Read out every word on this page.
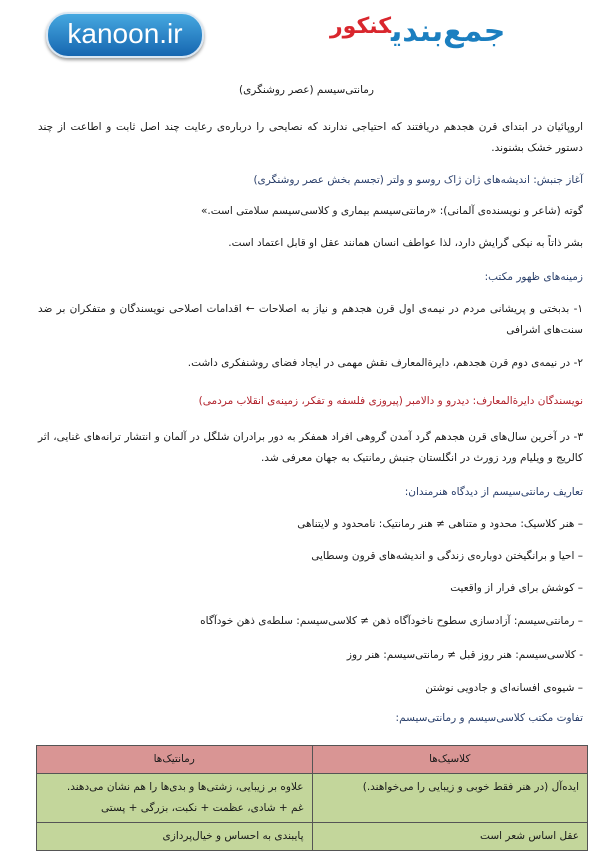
kanoon.ir	جمع‌بندیکنکور
رمانتی‌سیسم (عصر روشنگری)
اروپائیان در ابتدای قرن هجدهم دریافتند که احتیاجی ندارند که نصایحی را درباره‌ی رعایت چند اصل ثابت و اطاعت از چند دستور خشک بشنوند.
آغاز جنبش: اندیشه‌های ژان ژاک روسو و ولتر (تجسم بخش عصر روشنگری)
گوته (شاعر و نویسنده‌ی آلمانی): «رمانتی‌سیسم بیماری و کلاسی‌سیسم سلامتی است.»
بشر ذاتاً به نیکی گرایش دارد، لذا عواطف انسان همانند عقل او قابل اعتماد است.
زمینه‌های ظهور مکتب:
۱- بدبختی و پریشانی مردم در نیمه‌ی اول قرن هجدهم و نیاز به اصلاحات ← اقدامات اصلاحی نویسندگان و متفکران بر ضد سنت‌های اشرافی
۲- در نیمه‌ی دوم قرن هجدهم، دایرةالمعارف نقش مهمی در ایجاد فضای روشنفکری داشت.
نویسندگان دایرةالمعارف: دیدرو و دالامبر (پیروزی فلسفه و تفکر، زمینه‌ی انقلاب مردمی)
۳- در آخرین سال‌های قرن هجدهم گرد آمدن گروهی افراد همفکر به دور برادران شلگل در آلمان و انتشار ترانه‌های غنایی، اثر کالریج و ویلیام ورد زورث در انگلستان جنبش رمانتیک به جهان معرفی شد.
تعاریف رمانتی‌سیسم از دیدگاه هنرمندان:
– هنر کلاسیک: محدود و متناهی ≠ هنر رمانتیک: نامحدود و لایتناهی
– احیا و برانگیختن دوباره‌ی زندگی و اندیشه‌های قرون وسطایی
– کوشش برای فرار از واقعیت
– رمانتی‌سیسم: آزادسازی سطوح ناخودآگاه ذهن ≠ کلاسی‌سیسم: سلطه‌ی ذهن خودآگاه
- کلاسی‌سیسم: هنر روز قبل ≠ رمانتی‌سیسم: هنر روز
– شیوه‌ی افسانه‌ای و جادویی نوشتن
تفاوت مکتب کلاسی‌سیسم و رمانتی‌سیسم:
کلاسیک‌ها	رمانتیک‌ها
ایده‌آل (در هنر فقط خوبی و زیبایی را می‌خواهند.)	علاوه بر زیبایی، زشتی‌ها و بدی‌ها را هم نشان می‌دهند.
غم + شادی، عظمت + نکبت، بزرگی + پستی

عقل اساس شعر است	پایبندی به احساس و خیال‌پردازی
